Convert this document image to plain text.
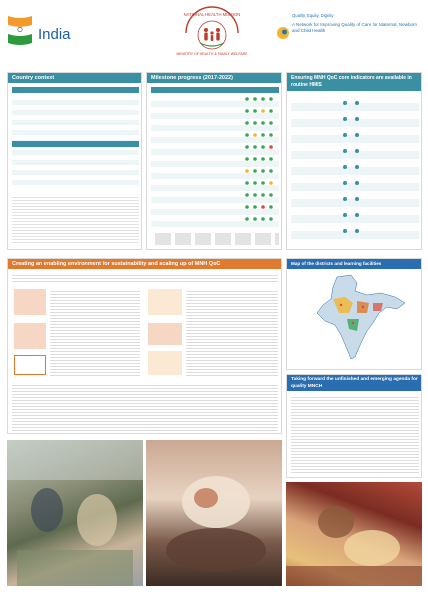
India
NATIONAL HEALTH MISSION
MINISTRY OF HEALTH & FAMILY WELFARE
Quality, Equity, Dignity
A Network for Improving Quality of Care for Maternal, Newborn and Child Health
Country context	Milestone progress (2017-2022)	Ensuring MNH QoC core indicators are available in routine HMIS
Creating an enabling environment for sustainability and scaling up of MNH QoC	Map of the districts and learning facilities
Taking forward the unfinished and emerging agenda for quality MNCH
